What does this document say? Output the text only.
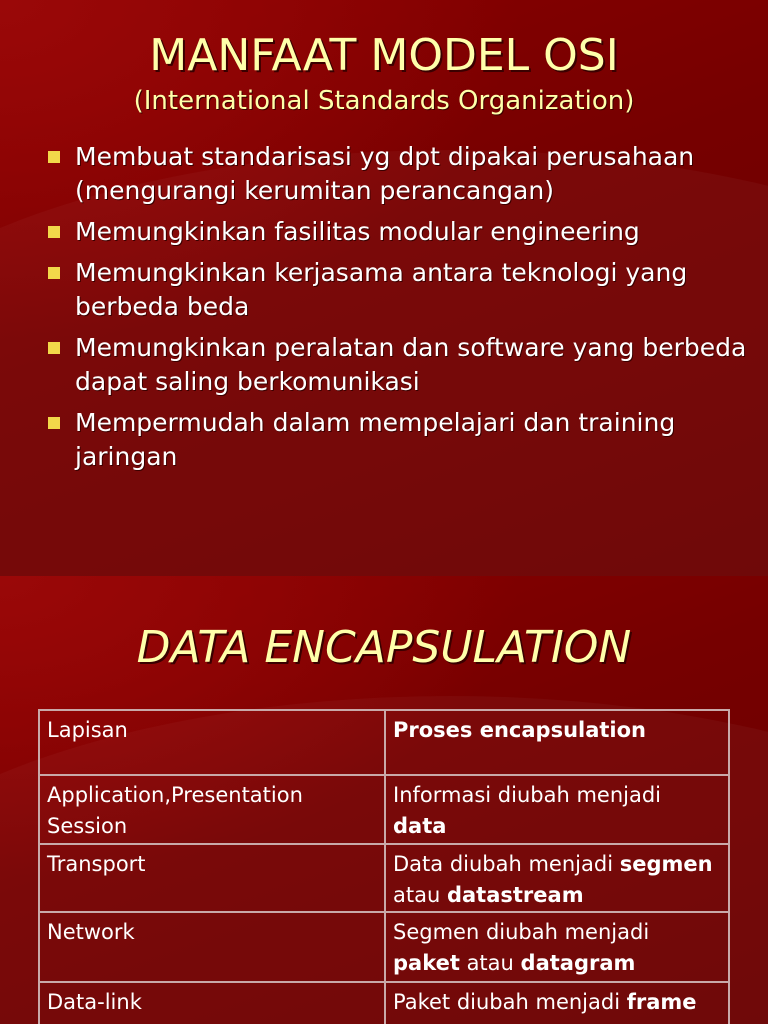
MANFAAT MODEL OSI
(International Standards Organization)
Membuat standarisasi yg dpt dipakai perusahaan (mengurangi kerumitan perancangan)
Memungkinkan fasilitas modular engineering
Memungkinkan kerjasama antara teknologi yang berbeda beda
Memungkinkan peralatan dan software yang berbeda dapat saling berkomunikasi
Mempermudah dalam mempelajari dan training jaringan
DATA ENCAPSULATION
Lapisan	Proses encapsulation
Application,Presentation Session	Informasi diubah menjadi data
Transport	Data diubah menjadi segmen atau datastream
Network	Segmen diubah menjadi paket atau datagram
Data-link	Paket diubah menjadi frame
